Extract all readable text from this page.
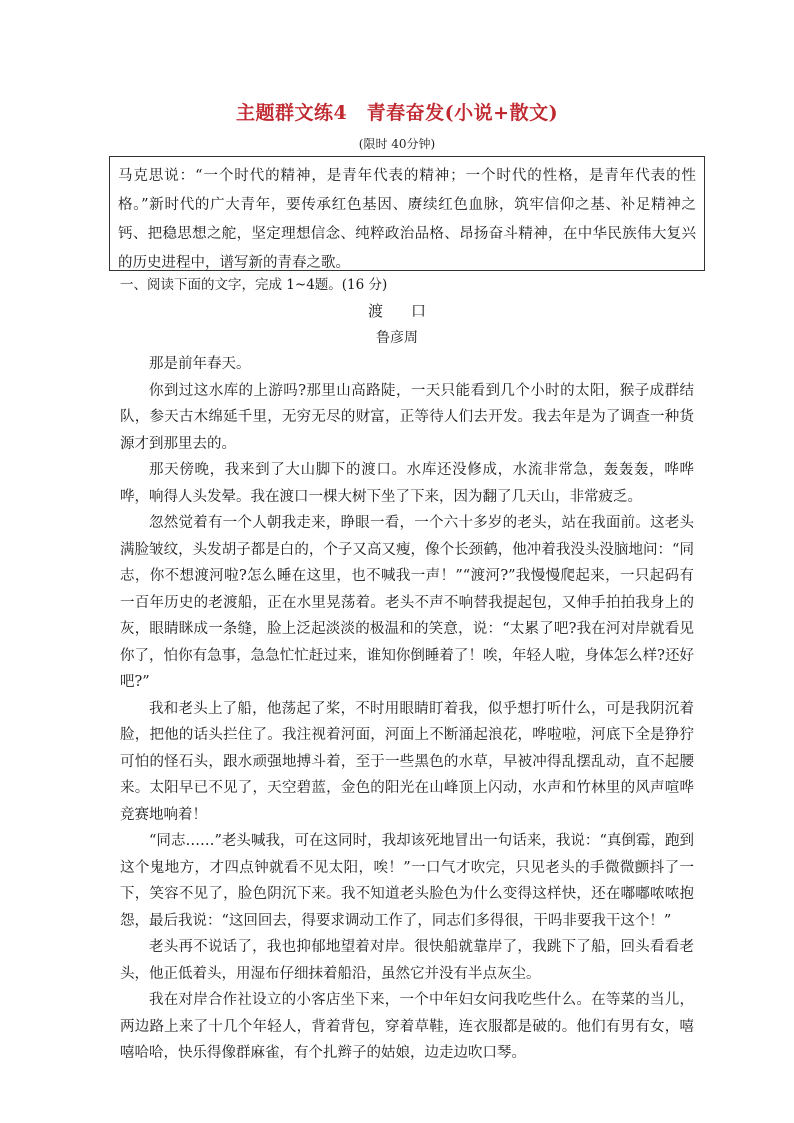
主题群文练4　青春奋发(小说+散文)
(限时 40分钟)
马克思说：“一个时代的精神，是青年代表的精神；一个时代的性格，是青年代表的性格。”新时代的广大青年，要传承红色基因、赓续红色血脉，筑牢信仰之基、补足精神之钙、把稳思想之舵，坚定理想信念、纯粹政治品格、昂扬奋斗精神，在中华民族伟大复兴的历史进程中，谱写新的青春之歌。
一、阅读下面的文字，完成 1~4题。(16 分)
渡 口
鲁彦周

那是前年春天。

你到过这水库的上游吗?那里山高路陡，一天只能看到几个小时的太阳，猴子成群结队，参天古木绵延千里，无穷无尽的财富，正等待人们去开发。我去年是为了调查一种货源才到那里去的。

那天傍晚，我来到了大山脚下的渡口。水库还没修成，水流非常急，轰轰轰，哗哗哗，响得人头发晕。我在渡口一棵大树下坐了下来，因为翻了几天山，非常疲乏。

忽然觉着有一个人朝我走来，睁眼一看，一个六十多岁的老头，站在我面前。这老头满脸皱纹，头发胡子都是白的，个子又高又瘦，像个长颈鹤，他冲着我没头没脑地问：“同志，你不想渡河啦?怎么睡在这里，也不喊我一声！”“渡河?”我慢慢爬起来，一只起码有一百年历史的老渡船，正在水里晃荡着。老头不声不响替我提起包，又伸手拍拍我身上的灰，眼睛眯成一条缝，脸上泛起淡淡的极温和的笑意，说：“太累了吧?我在河对岸就看见你了，怕你有急事，急急忙忙赶过来，谁知你倒睡着了！唉，年轻人啦，身体怎么样?还好吧?”

我和老头上了船，他荡起了桨，不时用眼睛盯着我，似乎想打听什么，可是我阴沉着脸，把他的话头拦住了。我注视着河面，河面上不断涌起浪花，哗啦啦，河底下全是狰狞可怕的怪石头，跟水顽强地搏斗着，至于一些黑色的水草，早被冲得乱摆乱动，直不起腰来。太阳早已不见了，天空碧蓝，金色的阳光在山峰顶上闪动，水声和竹林里的风声喧哗竞赛地响着！

“同志……”老头喊我，可在这同时，我却该死地冒出一句话来，我说：“真倒霉，跑到这个鬼地方，才四点钟就看不见太阳，唉！”一口气才吹完，只见老头的手微微颤抖了一下，笑容不见了，脸色阴沉下来。我不知道老头脸色为什么变得这样快，还在嘟嘟哝哝抱怨，最后我说：“这回回去，得要求调动工作了，同志们多得很，干吗非要我干这个！”

老头再不说话了，我也抑郁地望着对岸。很快船就靠岸了，我跳下了船，回头看看老头，他正低着头，用湿布仔细抹着船沿，虽然它并没有半点灰尘。

我在对岸合作社设立的小客店坐下来，一个中年妇女问我吃些什么。在等菜的当儿，两边路上来了十几个年轻人，背着背包，穿着草鞋，连衣服都是破的。他们有男有女，嘻嘻哈哈，快乐得像群麻雀，有个扎辫子的姑娘，边走边吹口琴。
